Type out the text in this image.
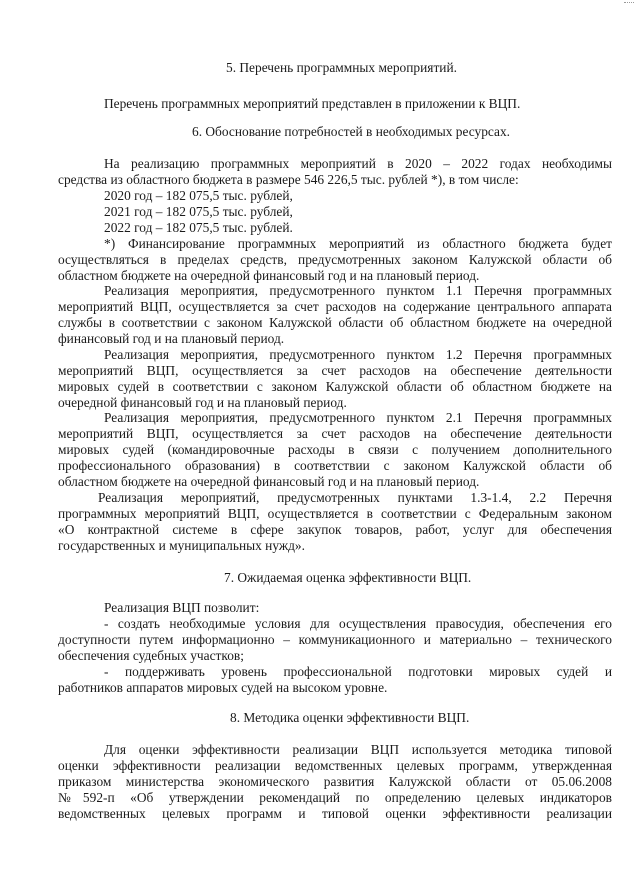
5. Перечень программных мероприятий.

Перечень программных мероприятий представлен в приложении к ВЦП.

6. Обоснование потребностей в необходимых ресурсах.

На реализацию программных мероприятий в 2020 – 2022 годах необходимы

средства из областного бюджета в размере 546 226,5 тыс. рублей *), в том числе:

2020 год – 182 075,5 тыс. рублей,

2021 год – 182 075,5 тыс. рублей,

2022 год – 182 075,5 тыс. рублей.

*) Финансирование программных мероприятий из областного бюджета будет

осуществляться в пределах средств, предусмотренных законом Калужской области об

областном бюджете на очередной финансовый год и на плановый период.

Реализация мероприятия, предусмотренного пунктом 1.1 Перечня программных

мероприятий ВЦП, осуществляется за счет расходов на содержание центрального аппарата

службы в соответствии с законом Калужской области об областном бюджете на очередной

финансовый год и на плановый период.

Реализация мероприятия, предусмотренного пунктом 1.2 Перечня программных

мероприятий ВЦП, осуществляется за счет расходов на обеспечение деятельности

мировых судей в соответствии с законом Калужской области об областном бюджете на

очередной финансовый год и на плановый период.

Реализация мероприятия, предусмотренного пунктом 2.1 Перечня программных

мероприятий ВЦП, осуществляется за счет расходов на обеспечение деятельности

мировых судей (командировочные расходы в связи с получением дополнительного

профессионального образования) в соответствии с законом Калужской области об

областном бюджете на очередной финансовый год и на плановый период.

Реализация мероприятий, предусмотренных пунктами 1.3-1.4, 2.2 Перечня

программных мероприятий ВЦП, осуществляется в соответствии с Федеральным законом

«О контрактной системе в сфере закупок товаров, работ, услуг для обеспечения

государственных и муниципальных нужд».

7. Ожидаемая оценка эффективности ВЦП.

Реализация ВЦП позволит:

- создать необходимые условия для осуществления правосудия, обеспечения его

доступности путем информационно – коммуникационного и материально – технического

обеспечения судебных участков;

- поддерживать уровень профессиональной подготовки мировых судей и

работников аппаратов мировых судей на высоком уровне.

8. Методика оценки эффективности ВЦП.

Для оценки эффективности реализации ВЦП используется методика типовой

оценки эффективности реализации ведомственных целевых программ, утвержденная

приказом министерства экономического развития Калужской области от 05.06.2008

№592-п «Об утверждении рекомендаций по определению целевых индикаторов

ведомственных целевых программ и типовой оценки эффективности реализации
